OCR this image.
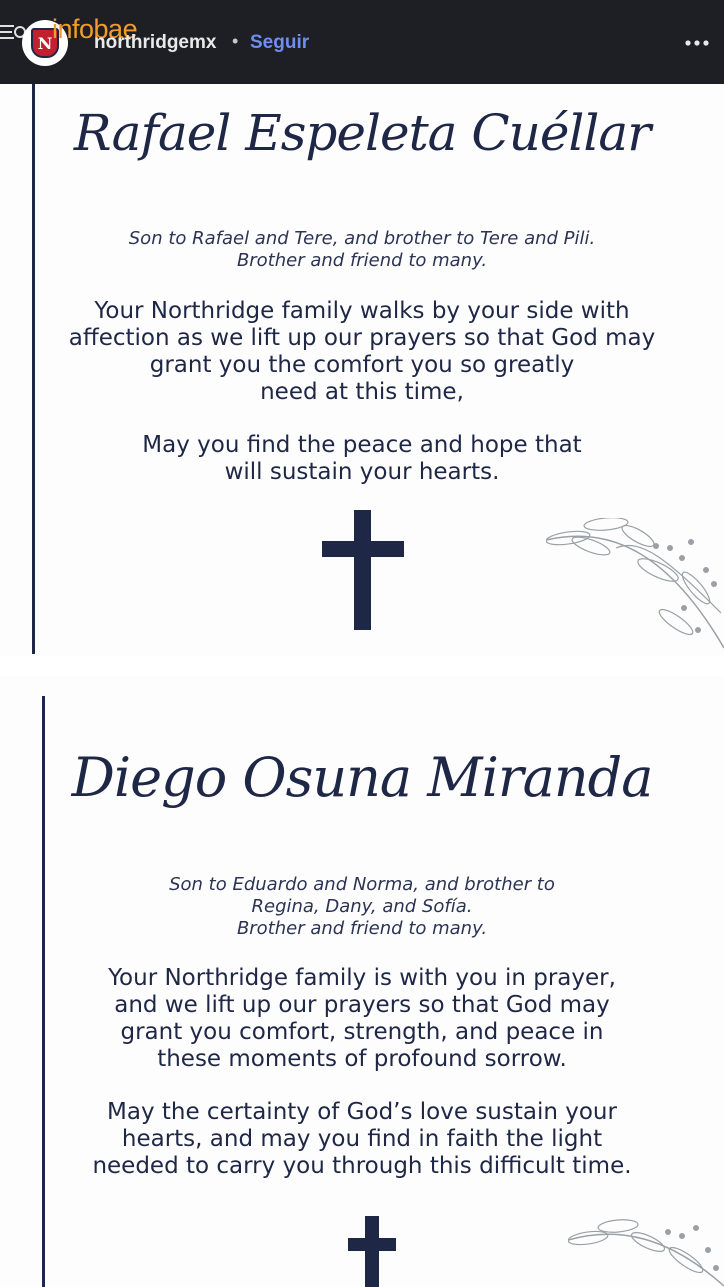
N infobae
northridgemx • Seguir
Rafael Espeleta Cuéllar
Son to Rafael and Tere, and brother to Tere and Pili.
Brother and friend to many.
Your Northridge family walks by your side with
affection as we lift up our prayers so that God may
grant you the comfort you so greatly
need at this time,
May you find the peace and hope that
will sustain your hearts.
Diego Osuna Miranda
Son to Eduardo and Norma, and brother to
Regina, Dany, and Sofía.
Brother and friend to many.
Your Northridge family is with you in prayer,
and we lift up our prayers so that God may
grant you comfort, strength, and peace in
these moments of profound sorrow.
May the certainty of God’s love sustain your
hearts, and may you find in faith the light
needed to carry you through this difficult time.
